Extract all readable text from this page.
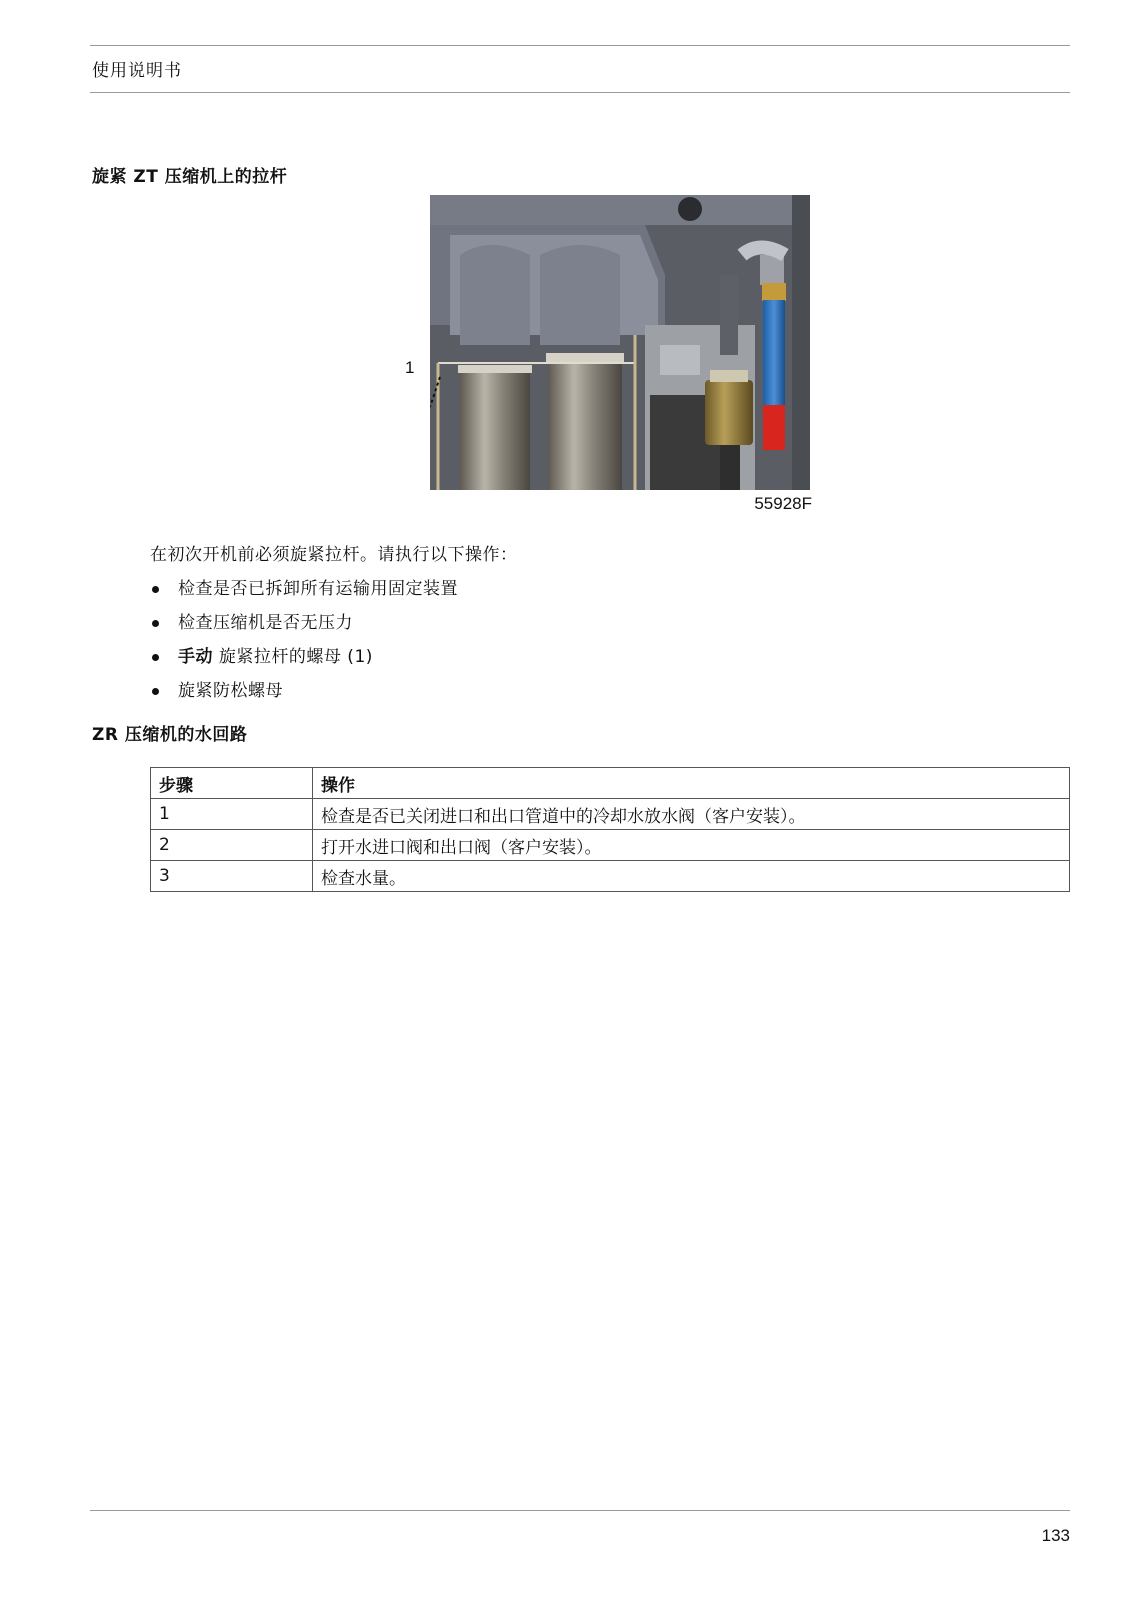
使用说明书
旋紧 ZT 压缩机上的拉杆
1
55928F
在初次开机前必须旋紧拉杆。请执行以下操作：
检查是否已拆卸所有运输用固定装置
检查压缩机是否无压力
手动 旋紧拉杆的螺母 (1)
旋紧防松螺母
ZR 压缩机的水回路
步骤	操作
1	检查是否已关闭进口和出口管道中的冷却水放水阀（客户安装）。
2	打开水进口阀和出口阀（客户安装）。
3	检查水量。
133
